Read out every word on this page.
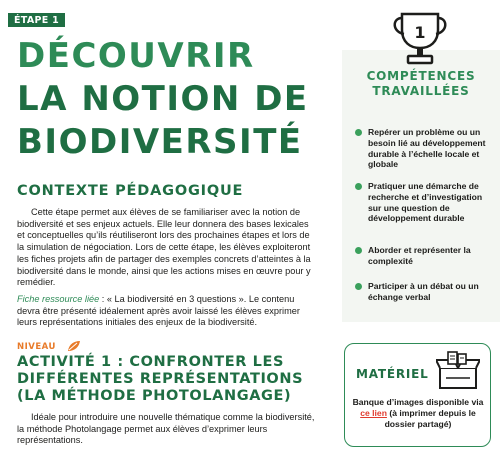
ÉTAPE 1
DÉCOUVRIR
LA NOTION DE
BIODIVERSITÉ
CONTEXTE PÉDAGOGIQUE

Cette étape permet aux élèves de se familiariser avec la notion de biodiversité et ses enjeux actuels. Elle leur donnera des bases lexicales et conceptuelles qu’ils réutiliseront lors des prochaines étapes et lors de la simulation de négociation. Lors de cette étape, les élèves exploiteront les fiches projets afin de partager des exemples concrets d’atteintes à la biodiversité dans le monde, ainsi que les actions mises en œuvre pour y remédier.

Fiche ressource liée : « La biodiversité en 3 questions ». Le contenu devra être présenté idéalement après avoir laissé les élèves exprimer leurs représentations initiales des enjeux de la biodiversité.

NIVEAU
ACTIVITÉ 1 : CONFRONTER LES
DIFFÉRENTES REPRÉSENTATIONS
(LA MÉTHODE PHOTOLANGAGE)

Idéale pour introduire une nouvelle thématique comme la biodiversité, la méthode Photolangage permet aux élèves d’exprimer leurs représentations.

1
COMPÉTENCES
TRAVAILLÉES
Repérer un problème ou un besoin lié au développement durable à l’échelle locale et globale
Pratiquer une démarche de recherche et d’investigation sur une question de développement durable
Aborder et représenter la complexité
Participer à un débat ou un échange verbal
MATÉRIEL

Banque d’images disponible via ce lien (à imprimer depuis le dossier partagé)
